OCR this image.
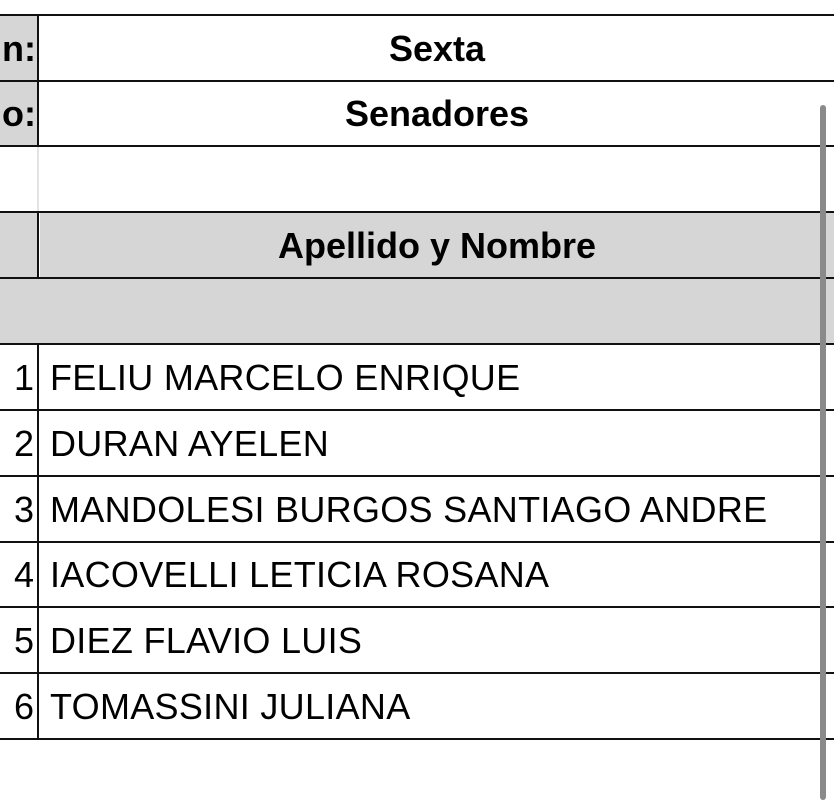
n:	Sexta
o:	Senadores
Apellido y Nombre
1 FELIU MARCELO ENRIQUE
2 DURAN AYELEN
3 MANDOLESI BURGOS SANTIAGO ANDRE
4 IACOVELLI LETICIA ROSANA
5 DIEZ FLAVIO LUIS
6 TOMASSINI JULIANA
